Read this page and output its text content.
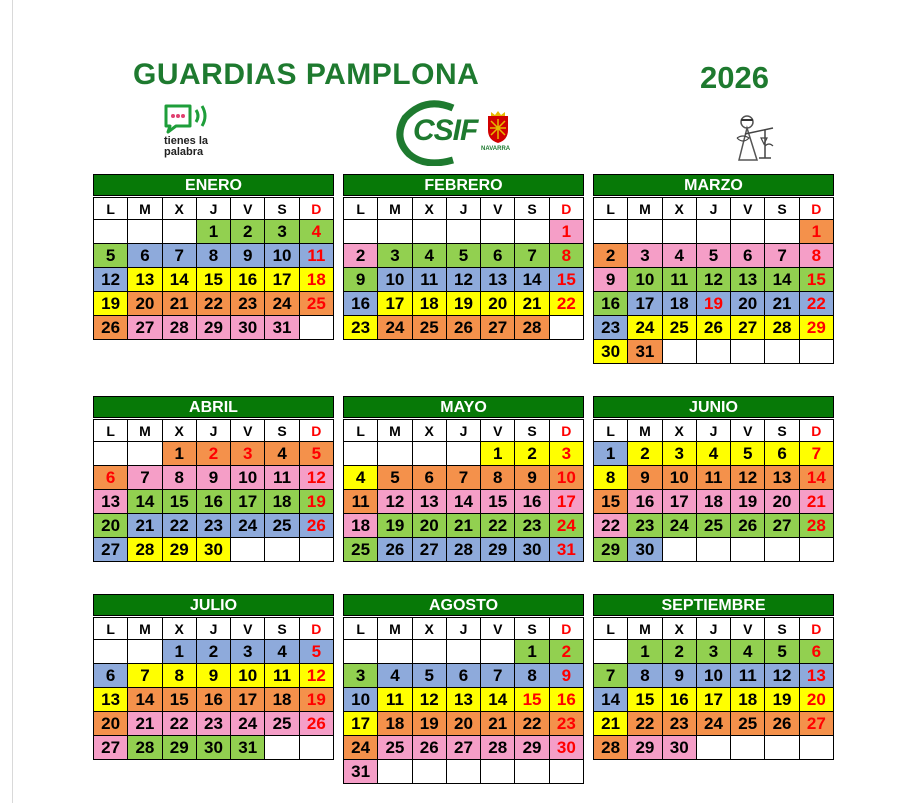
GUARDIAS PAMPLONA	2026
tienes la
palabra
CSIF
NAVARRA
ENERO
L	M	X	J	V	S	D
			1	2	3	4
5	6	7	8	9	10	11
12	13	14	15	16	17	18
19	20	21	22	23	24	25
26	27	28	29	30	31	
FEBRERO
L	M	X	J	V	S	D
						1
2	3	4	5	6	7	8
9	10	11	12	13	14	15
16	17	18	19	20	21	22
23	24	25	26	27	28	
MARZO
L	M	X	J	V	S	D
						1
2	3	4	5	6	7	8
9	10	11	12	13	14	15
16	17	18	19	20	21	22
23	24	25	26	27	28	29
30	31					
ABRIL
L	M	X	J	V	S	D
		1	2	3	4	5
6	7	8	9	10	11	12
13	14	15	16	17	18	19
20	21	22	23	24	25	26
27	28	29	30			
MAYO
L	M	X	J	V	S	D
				1	2	3
4	5	6	7	8	9	10
11	12	13	14	15	16	17
18	19	20	21	22	23	24
25	26	27	28	29	30	31
JUNIO
L	M	X	J	V	S	D
1	2	3	4	5	6	7
8	9	10	11	12	13	14
15	16	17	18	19	20	21
22	23	24	25	26	27	28
29	30					
JULIO
L	M	X	J	V	S	D
		1	2	3	4	5
6	7	8	9	10	11	12
13	14	15	16	17	18	19
20	21	22	23	24	25	26
27	28	29	30	31		
AGOSTO
L	M	X	J	V	S	D
					1	2
3	4	5	6	7	8	9
10	11	12	13	14	15	16
17	18	19	20	21	22	23
24	25	26	27	28	29	30
31						
SEPTIEMBRE
L	M	X	J	V	S	D
	1	2	3	4	5	6
7	8	9	10	11	12	13
14	15	16	17	18	19	20
21	22	23	24	25	26	27
28	29	30				
